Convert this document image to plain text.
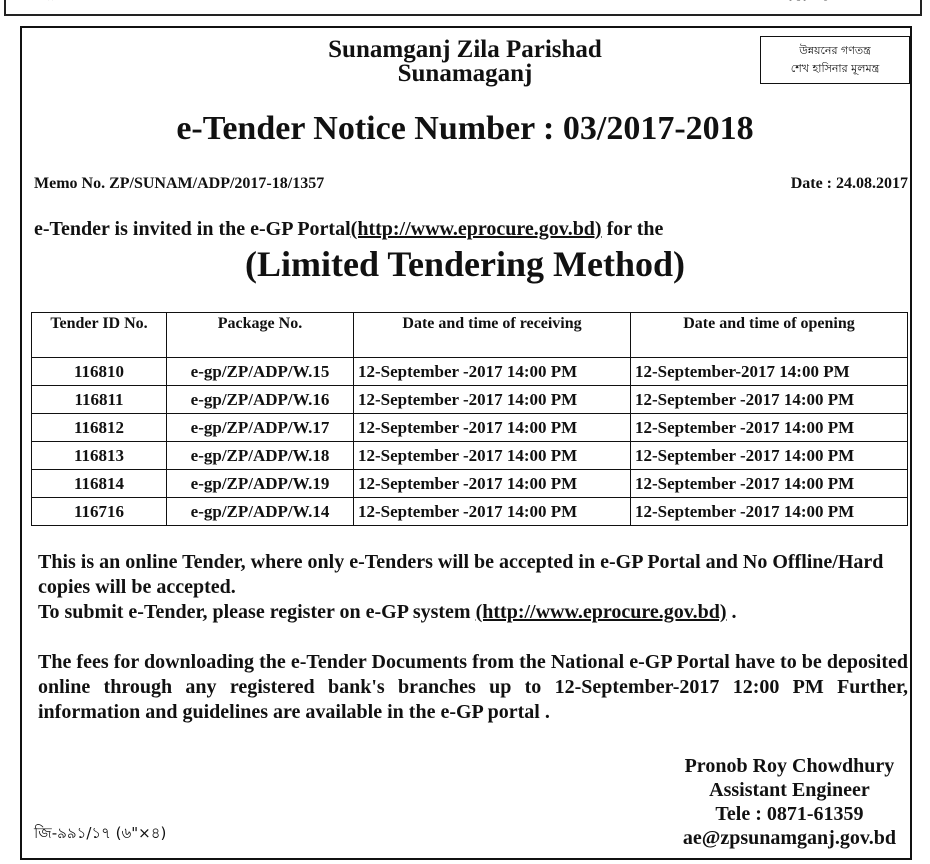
Sunamganj Zila Parishad
Sunamaganj
উন্নয়নের গণতন্ত্র
শেখ হাসিনার মূলমন্ত্র
e-Tender Notice Number : 03/2017-2018
Memo No. ZP/SUNAM/ADP/2017-18/1357	Date : 24.08.2017
e-Tender is invited in the e-GP Portal(http://www.eprocure.gov.bd) for the
(Limited Tendering Method)
Tender ID No.	Package No.	Date and time of receiving	Date and time of opening
116810	e-gp/ZP/ADP/W.15	12-September -2017 14:00 PM	12-September-2017 14:00 PM
116811	e-gp/ZP/ADP/W.16	12-September -2017 14:00 PM	12-September -2017 14:00 PM
116812	e-gp/ZP/ADP/W.17	12-September -2017 14:00 PM	12-September -2017 14:00 PM
116813	e-gp/ZP/ADP/W.18	12-September -2017 14:00 PM	12-September -2017 14:00 PM
116814	e-gp/ZP/ADP/W.19	12-September -2017 14:00 PM	12-September -2017 14:00 PM
116716	e-gp/ZP/ADP/W.14	12-September -2017 14:00 PM	12-September -2017 14:00 PM
This is an online Tender, where only e-Tenders will be accepted in e-GP Portal and No Offline/Hard copies will be accepted.
To submit e-Tender, please register on e-GP system (http://www.eprocure.gov.bd) .
The fees for downloading the e-Tender Documents from the National e-GP Portal have to be deposited online through any registered bank's branches up to 12-September-2017 12:00 PM Further, information and guidelines are available in the e-GP portal .
Pronob Roy Chowdhury
Assistant Engineer
Tele : 0871-61359
ae@zpsunamganj.gov.bd
জি-৯৯১/১৭ (৬"×৪)
